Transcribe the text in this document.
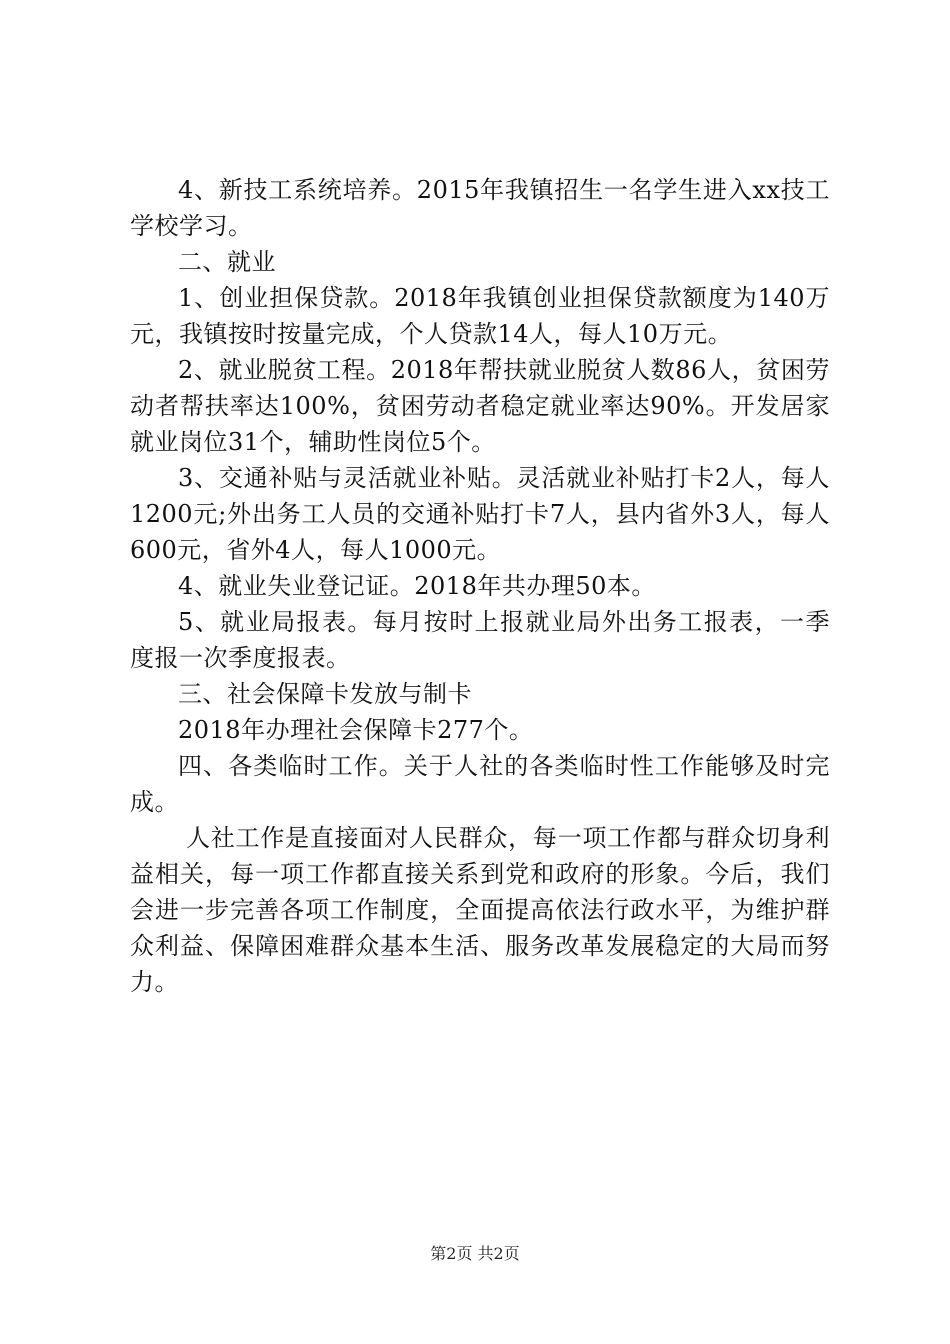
4、新技工系统培养。2015年我镇招生一名学生进入xx技工学校学习。

二、就业

1、创业担保贷款。2018年我镇创业担保贷款额度为140万元，我镇按时按量完成，个人贷款14人，每人10万元。

2、就业脱贫工程。2018年帮扶就业脱贫人数86人，贫困劳动者帮扶率达100%，贫困劳动者稳定就业率达90%。开发居家就业岗位31个，辅助性岗位5个。

3、交通补贴与灵活就业补贴。灵活就业补贴打卡2人，每人1200元;外出务工人员的交通补贴打卡7人，县内省外3人，每人600元，省外4人，每人1000元。

4、就业失业登记证。2018年共办理50本。

5、就业局报表。每月按时上报就业局外出务工报表，一季度报一次季度报表。

三、社会保障卡发放与制卡

2018年办理社会保障卡277个。

四、各类临时工作。关于人社的各类临时性工作能够及时完成。

人社工作是直接面对人民群众，每一项工作都与群众切身利益相关，每一项工作都直接关系到党和政府的形象。今后，我们会进一步完善各项工作制度，全面提高依法行政水平，为维护群众利益、保障困难群众基本生活、服务改革发展稳定的大局而努力。

第2页 共2页
